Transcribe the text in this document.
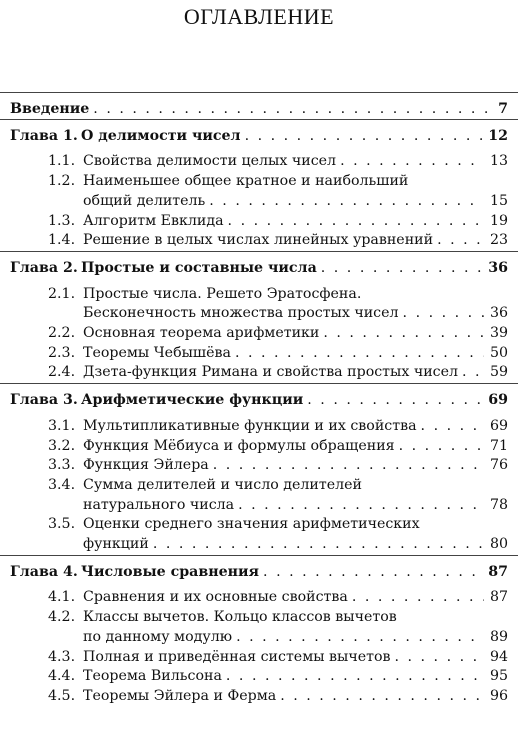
ОГЛАВЛЕНИЕ
Введение . . .	7
Глава 1. О делимости чисел . . .	12
1.1. Свойства делимости целых чисел . . .	13
1.2. Наименьшее общее кратное и наибольший
общий делитель . . .	15
1.3. Алгоритм Евклида . . .	19
1.4. Решение в целых числах линейных уравнений . . .	23
Глава 2. Простые и составные числа . . .	36
2.1. Простые числа. Решето Эратосфена.
Бесконечность множества простых чисел . . .	36
2.2. Основная теорема арифметики . . .	39
2.3. Теоремы Чебышёва . . .	50
2.4. Дзета-функция Римана и свойства простых чисел . . . 59
Глава 3. Арифметические функции . . .	69
3.1. Мультипликативные функции и их свойства . . .	69
3.2. Функция Мёбиуса и формулы обращения . . .	71
3.3. Функция Эйлера . . .	76
3.4. Сумма делителей и число делителей
натурального числа . . .	78
3.5. Оценки среднего значения арифметических
функций . . .	80
Глава 4. Числовые сравнения . . .	87
4.1. Сравнения и их основные свойства . . .	87
4.2. Классы вычетов. Кольцо классов вычетов
по данному модулю . . .	89
4.3. Полная и приведённая системы вычетов . . .	94
4.4. Теорема Вильсона . . .	95
4.5. Теоремы Эйлера и Ферма . . .	96
